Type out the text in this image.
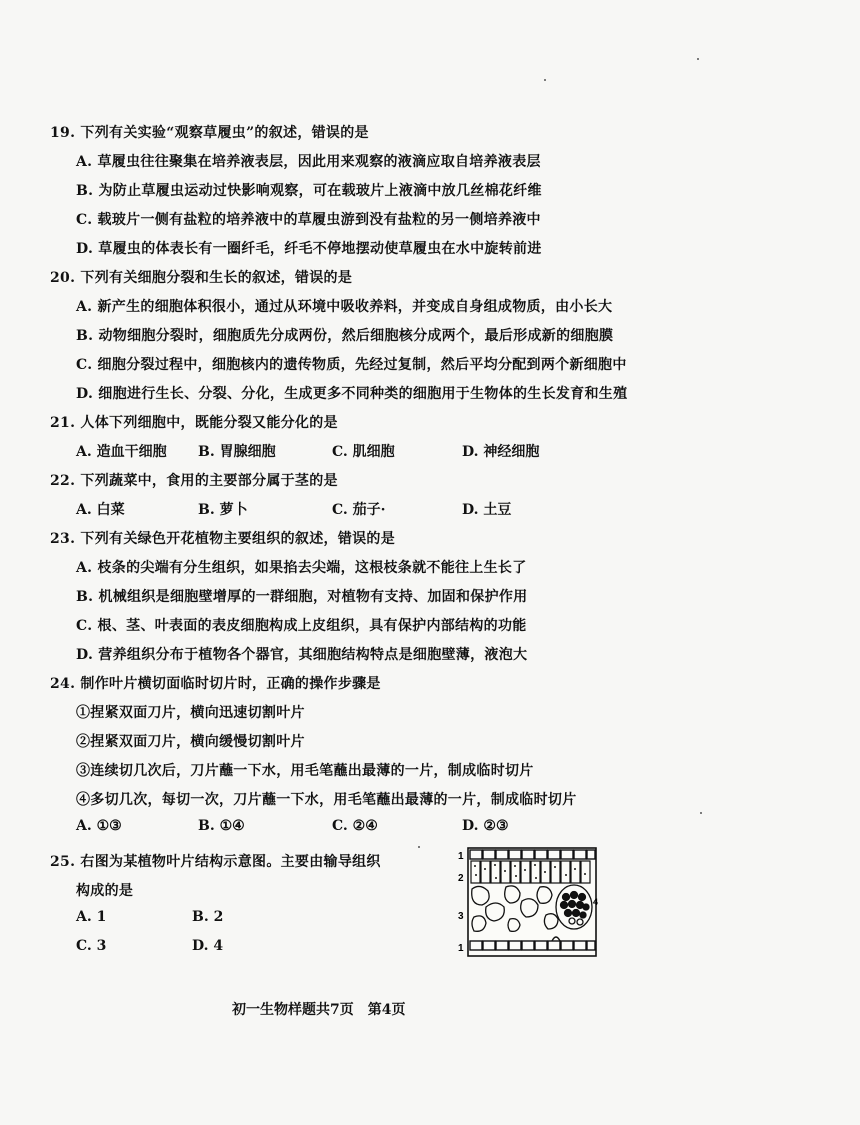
19. 下列有关实验“观察草履虫”的叙述，错误的是
A. 草履虫往往聚集在培养液表层，因此用来观察的液滴应取自培养液表层
B. 为防止草履虫运动过快影响观察，可在载玻片上液滴中放几丝棉花纤维
C. 载玻片一侧有盐粒的培养液中的草履虫游到没有盐粒的另一侧培养液中
D. 草履虫的体表长有一圈纤毛，纤毛不停地摆动使草履虫在水中旋转前进
20. 下列有关细胞分裂和生长的叙述，错误的是
A. 新产生的细胞体积很小，通过从环境中吸收养料，并变成自身组成物质，由小长大
B. 动物细胞分裂时，细胞质先分成两份，然后细胞核分成两个，最后形成新的细胞膜
C. 细胞分裂过程中，细胞核内的遗传物质，先经过复制，然后平均分配到两个新细胞中
D. 细胞进行生长、分裂、分化，生成更多不同种类的细胞用于生物体的生长发育和生殖
21. 人体下列细胞中，既能分裂又能分化的是
A. 造血干细胞 B. 胃腺细胞	C. 肌细胞	D. 神经细胞
22. 下列蔬菜中，食用的主要部分属于茎的是
A. 白菜	B. 萝卜	C. 茄子·	D. 土豆
23. 下列有关绿色开花植物主要组织的叙述，错误的是
A. 枝条的尖端有分生组织，如果掐去尖端，这根枝条就不能往上生长了
B. 机械组织是细胞壁增厚的一群细胞，对植物有支持、加固和保护作用
C. 根、茎、叶表面的表皮细胞构成上皮组织，具有保护内部结构的功能
D. 营养组织分布于植物各个器官，其细胞结构特点是细胞壁薄，液泡大
24. 制作叶片横切面临时切片时，正确的操作步骤是
①捏紧双面刀片，横向迅速切割叶片
②捏紧双面刀片，横向缓慢切割叶片
③连续切几次后，刀片蘸一下水，用毛笔蘸出最薄的一片，制成临时切片
④多切几次，每切一次，刀片蘸一下水，用毛笔蘸出最薄的一片，制成临时切片
A. ①③	B. ①④	C. ②④	D. ②③
25. 右图为某植物叶片结构示意图。主要由输导组织
构成的是
A. 1	B. 2
C. 3	D. 4
1
2
3
1
4
初一生物样题共7页 第4页
